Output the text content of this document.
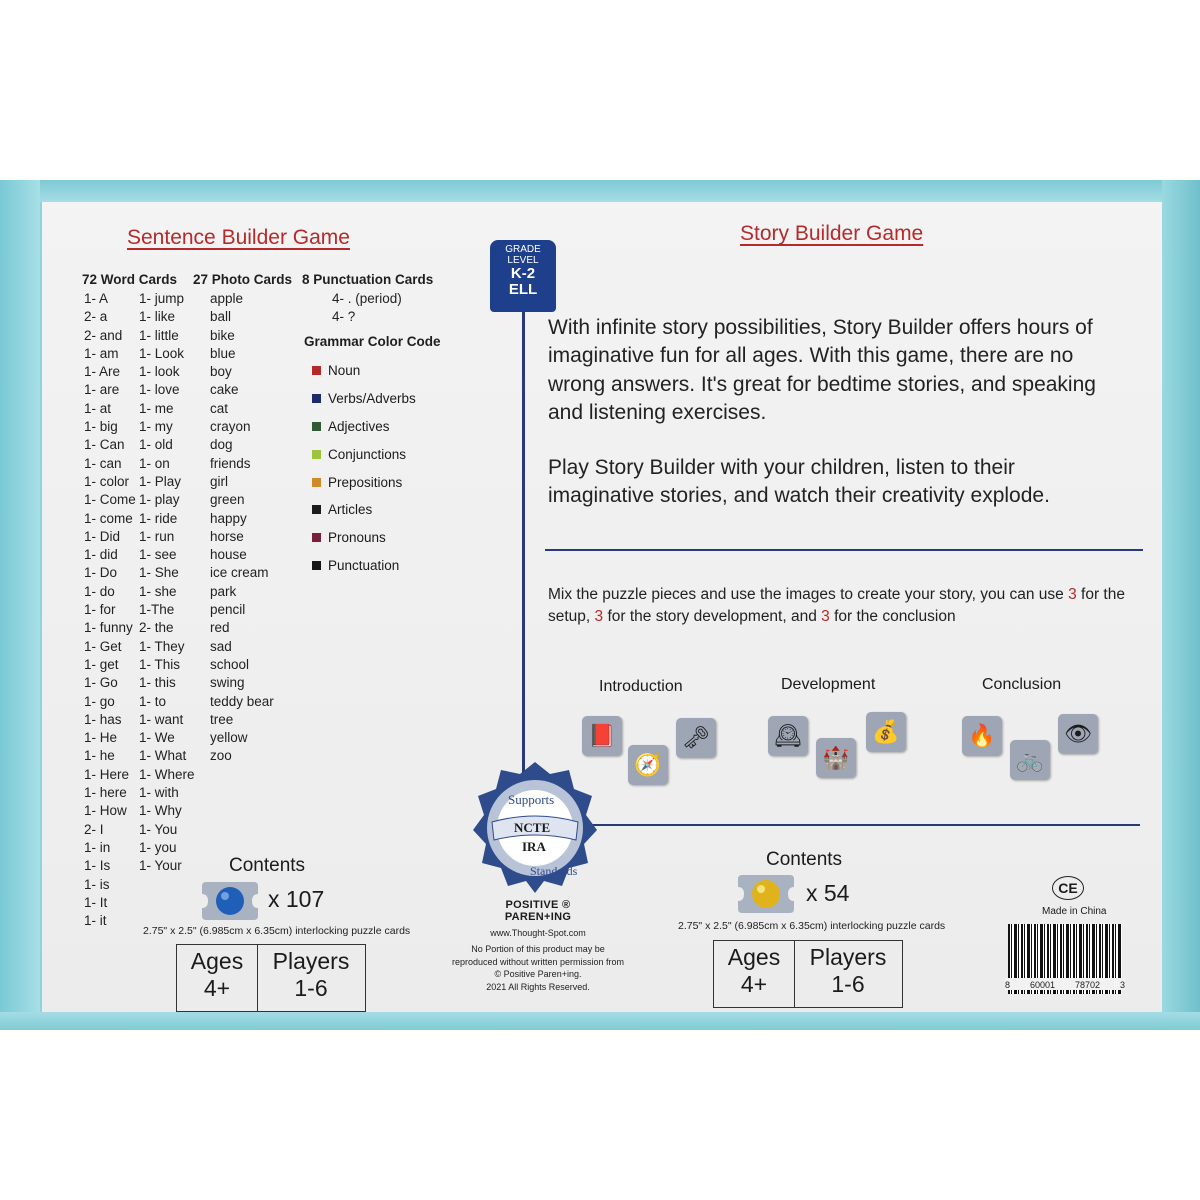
Sentence Builder Game
72 Word Cards
1- A
2- a
2- and
1- am
1- Are
1- are
1- at
1- big
1- Can
1- can
1- color
1- Come
1- come
1- Did
1- did
1- Do
1- do
1- for
1- funny
1- Get
1- get
1- Go
1- go
1- has
1- He
1- he
1- Here
1- here
1- How
2- I
1- in
1- Is
1- is
1- It
1- it
1- jump
1- like
1- little
1- Look
1- look
1- love
1- me
1- my
1- old
1- on
1- Play
1- play
1- ride
1- run
1- see
1- She
1- she
1-The
2- the
1- They
1- This
1- this
1- to
1- want
1- We
1- What
1- Where
1- with
1- Why
1- You
1- you
1- Your
27 Photo Cards
apple
ball
bike
blue
boy
cake
cat
crayon
dog
friends
girl
green
happy
horse
house
ice cream
park
pencil
red
sad
school
swing
teddy bear
tree
yellow
zoo
8 Punctuation Cards
4- . (period)
4- ?
Grammar Color Code
Noun
Verbs/Adverbs
Adjectives
Conjunctions
Prepositions
Articles
Pronouns
Punctuation
Contents
x 107
2.75" x 2.5" (6.985cm x 6.35cm) interlocking puzzle cards
Ages
4+
Players
1-6
GRADE
LEVEL
K-2
ELL
Supports
NCTE
IRA
Standards
POSITIVE ®
PAREN+ING
www.Thought-Spot.com
No Portion of this product may be
reproduced without written permission from
© Positive Paren+ing.
2021 All Rights Reserved.
Story Builder Game
With infinite story possibilities, Story Builder offers hours of imaginative fun for all ages. With this game, there are no wrong answers. It's great for bedtime stories, and speaking and listening exercises.
Play Story Builder with your children, listen to their imaginative stories, and watch their creativity explode.
Mix the puzzle pieces and use the images to create your story, you can use 3 for the setup, 3 for the story development, and 3 for the conclusion
Introduction	Development	Conclusion
📕
🧭
🗝	🕰
🏰
💰	🔥
🚲
👁
Contents
x 54
2.75" x 2.5" (6.985cm x 6.35cm) interlocking puzzle cards
Ages
4+
Players
1-6
CE
Made in China
8 60001 78702 3
